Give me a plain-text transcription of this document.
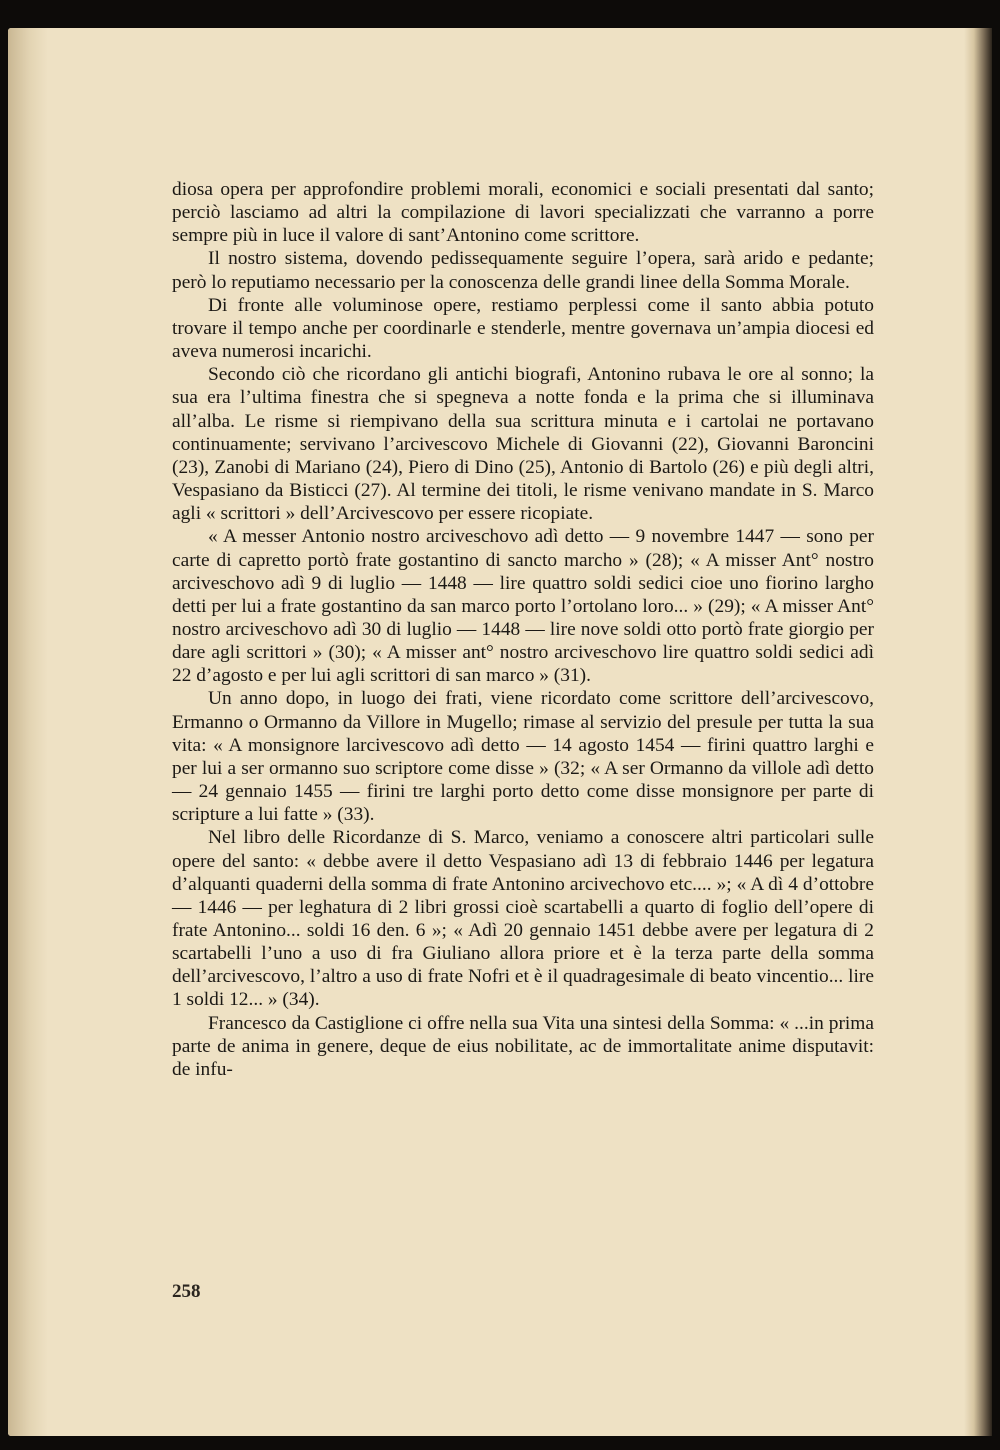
diosa opera per approfondire problemi morali, economici e sociali presentati dal santo; perciò lasciamo ad altri la compilazione di lavori specializzati che varranno a porre sempre più in luce il valore di sant’Antonino come scrittore.

Il nostro sistema, dovendo pedissequamente seguire l’opera, sarà arido e pedante; però lo reputiamo necessario per la conoscenza delle grandi linee della Somma Morale.

Di fronte alle voluminose opere, restiamo perplessi come il santo abbia potuto trovare il tempo anche per coordinarle e stenderle, mentre governava un’ampia diocesi ed aveva numerosi incarichi.

Secondo ciò che ricordano gli antichi biografi, Antonino rubava le ore al sonno; la sua era l’ultima finestra che si spegneva a notte fonda e la prima che si illuminava all’alba. Le risme si riempivano della sua scrittura minuta e i cartolai ne portavano continuamente; servivano l’arcivescovo Michele di Giovanni (22), Giovanni Baroncini (23), Zanobi di Mariano (24), Piero di Dino (25), Antonio di Bartolo (26) e più degli altri, Vespasiano da Bisticci (27). Al termine dei titoli, le risme venivano mandate in S. Marco agli « scrittori » dell’Arcivescovo per essere ricopiate.

« A messer Antonio nostro arciveschovo adì detto — 9 novembre 1447 — sono per carte di capretto portò frate gostantino di sancto marcho » (28); « A misser Ant° nostro arciveschovo adì 9 di luglio — 1448 — lire quattro soldi sedici cioe uno fiorino largho detti per lui a frate gostantino da san marco porto l’ortolano loro... » (29); « A misser Ant° nostro arciveschovo adì 30 di luglio — 1448 — lire nove soldi otto portò frate giorgio per dare agli scrittori » (30); « A misser ant° nostro arciveschovo lire quattro soldi sedici adì 22 d’agosto e per lui agli scrittori di san marco » (31).

Un anno dopo, in luogo dei frati, viene ricordato come scrittore dell’arcivescovo, Ermanno o Ormanno da Villore in Mugello; rimase al servizio del presule per tutta la sua vita: « A monsignore larcivescovo adì detto — 14 agosto 1454 — firini quattro larghi e per lui a ser ormanno suo scriptore come disse » (32; « A ser Ormanno da villole adì detto — 24 gennaio 1455 — firini tre larghi porto detto come disse monsignore per parte di scripture a lui fatte » (33).

Nel libro delle Ricordanze di S. Marco, veniamo a conoscere altri particolari sulle opere del santo: « debbe avere il detto Vespasiano adì 13 di febbraio 1446 per legatura d’alquanti quaderni della somma di frate Antonino arcivechovo etc.... »; « A dì 4 d’ottobre — 1446 — per leghatura di 2 libri grossi cioè scartabelli a quarto di foglio dell’opere di frate Antonino... soldi 16 den. 6 »; « Adì 20 gennaio 1451 debbe avere per legatura di 2 scartabelli l’uno a uso di fra Giuliano allora priore et è la terza parte della somma dell’arcivescovo, l’altro a uso di frate Nofri et è il quadragesimale di beato vincentio... lire 1 soldi 12... » (34).

Francesco da Castiglione ci offre nella sua Vita una sintesi della Somma: « ...in prima parte de anima in genere, deque de eius nobilitate, ac de immortalitate anime disputavit: de infu-

258
